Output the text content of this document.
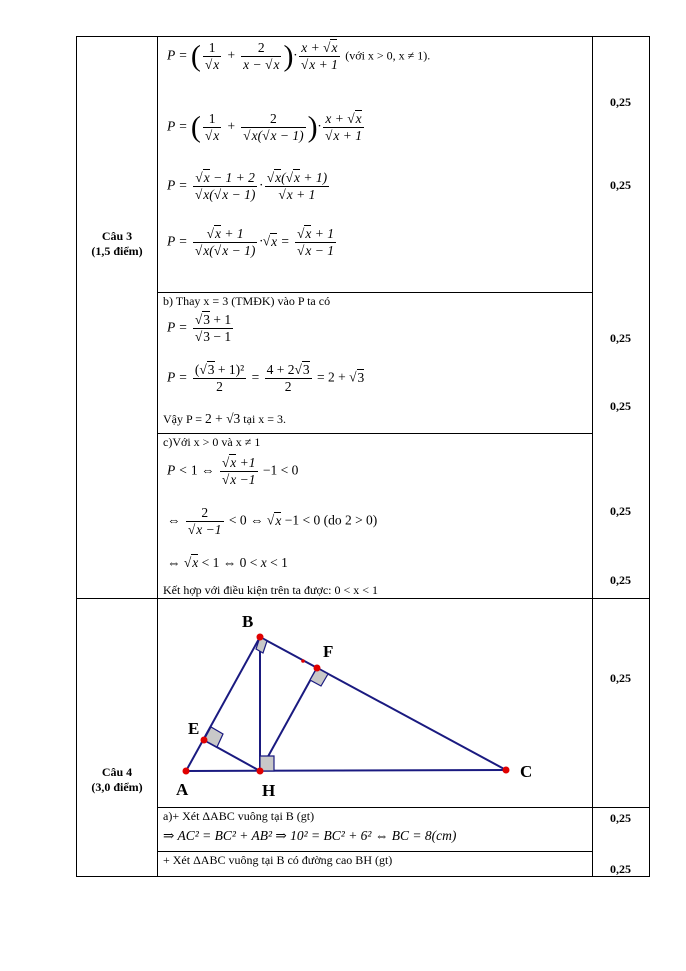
Câu 3
(1,5 điểm)
Câu 4
(3,0 điểm)
0,25
0,25
0,25
0,25
0,25
0,25
0,25
0,25
0,25
P = ( $\frac{1}{√x} + \frac{2}{x - √x}$ )· $\frac{x + √x}{√x + 1}$ (với x > 0, x ≠ 1).
P = ( $\frac{1}{√x} + \frac{2}{√x(√x - 1)}$ )· $\frac{x + √x}{√x + 1}$
$P = \frac{√x - 1 + 2}{√x(√x - 1)} \cdot \frac{√x(√x + 1)}{√x + 1}$
$P = \frac{√x + 1}{√x(√x - 1)} \cdot√x = \frac{√x + 1}{√x - 1}$
b) Thay x = 3 (TMĐK) vào P ta có
$P = \frac{√3 + 1}{√3 - 1}$
$P = \frac{\text{(√3 + 1)²}}{2} = \frac{4 + 2√3}{2} = 2 + √3$
Vậy P = 2 + √3 tại x = 3.
c)Với x > 0 và x ≠ 1
P < 1 ⇔ $\frac{√x +1}{√x -1} -1 < 0$
⇔ $\frac{2}{√x -1} < 0$ ⇔ √x −1 < 0 (do 2 > 0)
⇔ √x < 1 ⇔ 0 < x < 1
Kết hợp với điều kiện trên ta được: 0 < x < 1
A
B
C
E
F
H
a)+ Xét ΔABC vuông tại B (gt)
⇒ AC² = BC² + AB² ⇒ 10² = BC² + 6² ⇔ BC = 8(cm)
+ Xét ΔABC vuông tại B có đường cao BH (gt)
